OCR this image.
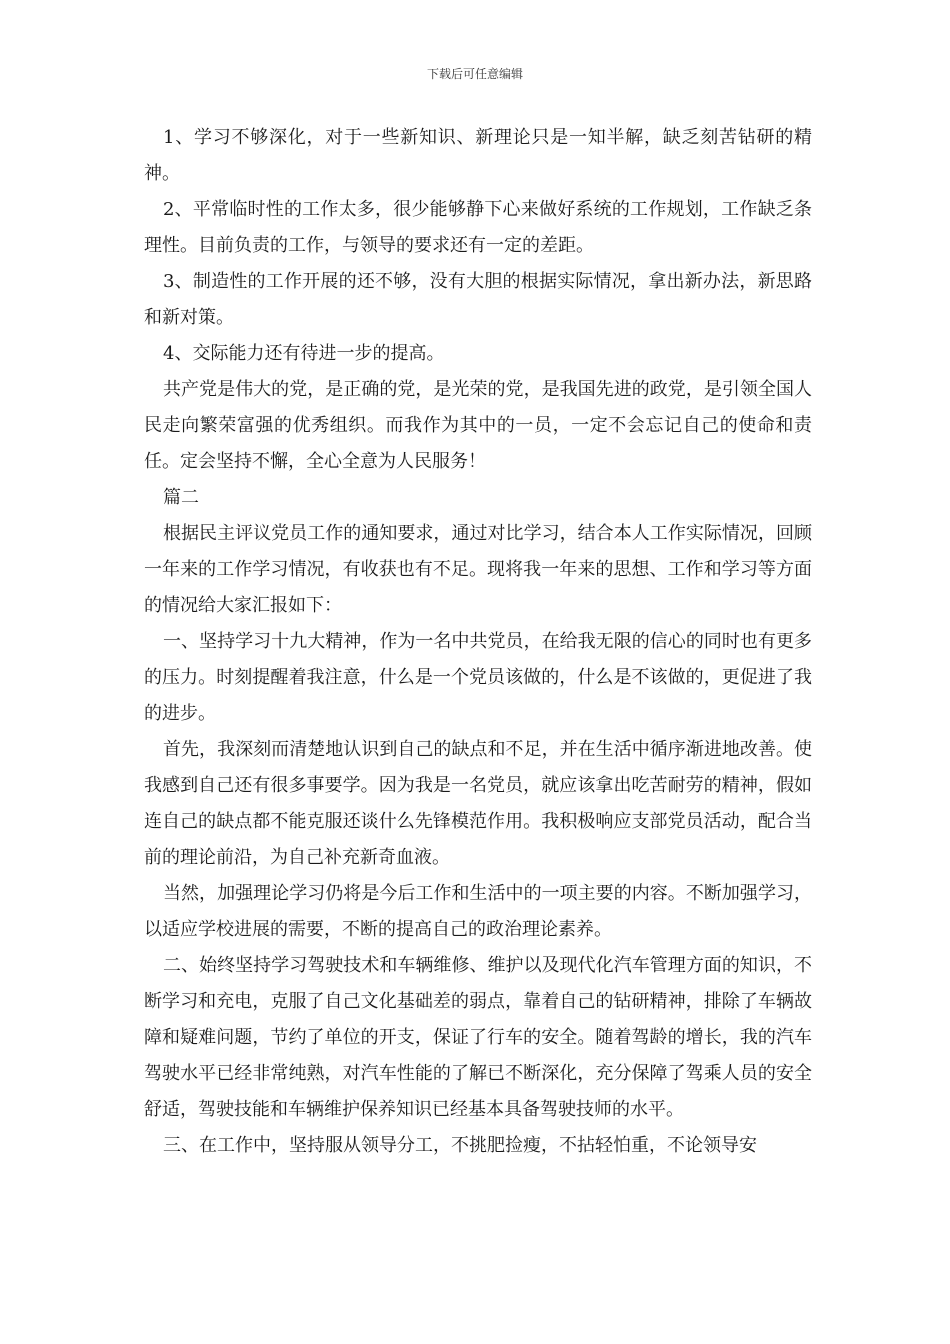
下载后可任意编辑

1、学习不够深化，对于一些新知识、新理论只是一知半解，缺乏刻苦钻研的精神。

2、平常临时性的工作太多，很少能够静下心来做好系统的工作规划，工作缺乏条理性。目前负责的工作，与领导的要求还有一定的差距。

3、制造性的工作开展的还不够，没有大胆的根据实际情况，拿出新办法，新思路和新对策。

4、交际能力还有待进一步的提高。

共产党是伟大的党，是正确的党，是光荣的党，是我国先进的政党，是引领全国人民走向繁荣富强的优秀组织。而我作为其中的一员，一定不会忘记自己的使命和责任。定会坚持不懈，全心全意为人民服务！

篇二

根据民主评议党员工作的通知要求，通过对比学习，结合本人工作实际情况，回顾一年来的工作学习情况，有收获也有不足。现将我一年来的思想、工作和学习等方面的情况给大家汇报如下：

一、坚持学习十九大精神，作为一名中共党员，在给我无限的信心的同时也有更多的压力。时刻提醒着我注意，什么是一个党员该做的，什么是不该做的，更促进了我的进步。

首先，我深刻而清楚地认识到自己的缺点和不足，并在生活中循序渐进地改善。使我感到自己还有很多事要学。因为我是一名党员，就应该拿出吃苦耐劳的精神，假如连自己的缺点都不能克服还谈什么先锋模范作用。我积极响应支部党员活动，配合当前的理论前沿，为自己补充新奇血液。

当然，加强理论学习仍将是今后工作和生活中的一项主要的内容。不断加强学习，以适应学校进展的需要，不断的提高自己的政治理论素养。

二、始终坚持学习驾驶技术和车辆维修、维护以及现代化汽车管理方面的知识，不断学习和充电，克服了自己文化基础差的弱点，靠着自己的钻研精神，排除了车辆故障和疑难问题，节约了单位的开支，保证了行车的安全。随着驾龄的增长，我的汽车驾驶水平已经非常纯熟，对汽车性能的了解已不断深化，充分保障了驾乘人员的安全舒适，驾驶技能和车辆维护保养知识已经基本具备驾驶技师的水平。

三、在工作中，坚持服从领导分工，不挑肥捡瘦，不拈轻怕重，不论领导安
